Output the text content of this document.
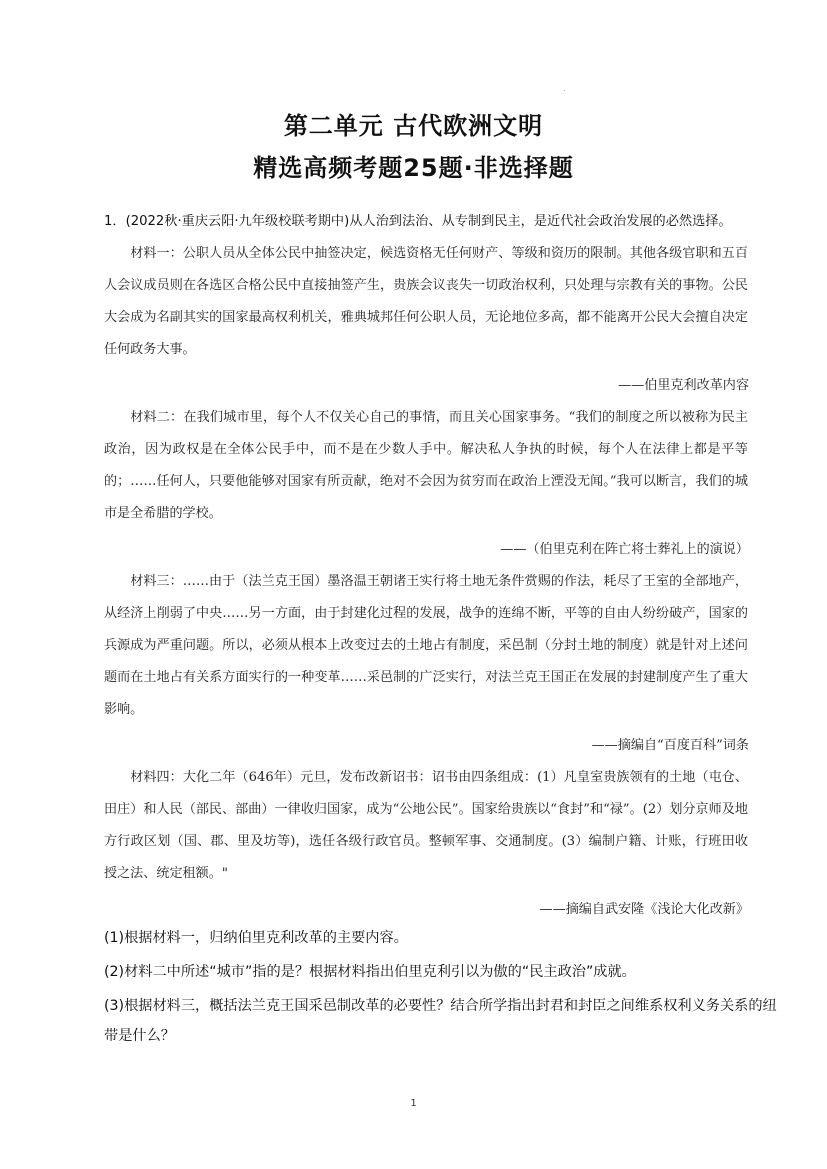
.
第二单元 古代欧洲文明
精选高频考题25题·非选择题
1．(2022秋·重庆云阳·九年级校联考期中)从人治到法治、从专制到民主，是近代社会政治发展的必然选择。
材料一：公职人员从全体公民中抽签决定，候选资格无任何财产、等级和资历的限制。其他各级官职和五百人会议成员则在各选区合格公民中直接抽签产生，贵族会议丧失一切政治权利，只处理与宗教有关的事物。公民大会成为名副其实的国家最高权利机关，雅典城邦任何公职人员，无论地位多高，都不能离开公民大会擅自决定任何政务大事。
——伯里克利改革内容
材料二：在我们城市里，每个人不仅关心自己的事情，而且关心国家事务。“我们的制度之所以被称为民主政治，因为政权是在全体公民手中，而不是在少数人手中。解决私人争执的时候，每个人在法律上都是平等的；……任何人，只要他能够对国家有所贡献，绝对不会因为贫穷而在政治上湮没无闻。”我可以断言，我们的城市是全希腊的学校。
——（伯里克利在阵亡将士葬礼上的演说）
材料三：……由于（法兰克王国）墨洛温王朝诸王实行将土地无条件赏赐的作法，耗尽了王室的全部地产，从经济上削弱了中央……另一方面，由于封建化过程的发展，战争的连绵不断，平等的自由人纷纷破产，国家的兵源成为严重问题。所以，必须从根本上改变过去的土地占有制度，采邑制（分封土地的制度）就是针对上述问题而在土地占有关系方面实行的一种变革……采邑制的广泛实行，对法兰克王国正在发展的封建制度产生了重大影响。
——摘编自“百度百科”词条
材料四：大化二年（646年）元旦，发布改新诏书：诏书由四条组成：(1）凡皇室贵族领有的土地（屯仓、田庄）和人民（部民、部曲）一律收归国家，成为“公地公民”。国家给贵族以“食封”和“禄”。(2）划分京师及地方行政区划（国、郡、里及坊等)，选任各级行政官员。整顿军事、交通制度。(3）编制户籍、计账，行班田收授之法、统定租额。"
——摘编自武安隆《浅论大化改新》
(1)根据材料一，归纳伯里克利改革的主要内容。
(2)材料二中所述“城市”指的是？根据材料指出伯里克利引以为傲的“民主政治”成就。
(3)根据材料三，概括法兰克王国采邑制改革的必要性？结合所学指出封君和封臣之间维系权利义务关系的纽带是什么？
1
